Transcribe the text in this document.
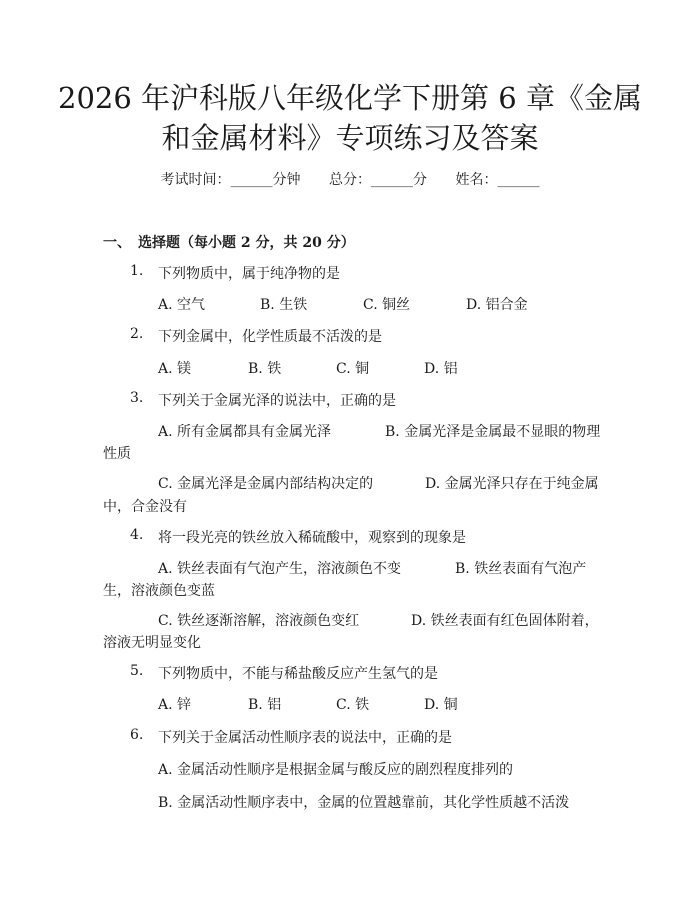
2026 年沪科版八年级化学下册第 6 章《金属
和金属材料》专项练习及答案
考试时间：______分钟 总分：______分 姓名：______
一、 选择题（每小题 2 分，共 20 分）
1. 下列物质中，属于纯净物的是
A. 空气	B. 生铁	C. 铜丝	D. 铝合金
2. 下列金属中，化学性质最不活泼的是
A. 镁	B. 铁	C. 铜	D. 铝
3. 下列关于金属光泽的说法中，正确的是
A. 所有金属都具有金属光泽	B. 金属光泽是金属最不显眼的物理
性质
C. 金属光泽是金属内部结构决定的	D. 金属光泽只存在于纯金属
中，合金没有
4. 将一段光亮的铁丝放入稀硫酸中，观察到的现象是
A. 铁丝表面有气泡产生，溶液颜色不变	B. 铁丝表面有气泡产
生，溶液颜色变蓝
C. 铁丝逐渐溶解，溶液颜色变红	D. 铁丝表面有红色固体附着，
溶液无明显变化
5. 下列物质中，不能与稀盐酸反应产生氢气的是
A. 锌	B. 铝	C. 铁	D. 铜
6. 下列关于金属活动性顺序表的说法中，正确的是
A. 金属活动性顺序是根据金属与酸反应的剧烈程度排列的
B. 金属活动性顺序表中，金属的位置越靠前，其化学性质越不活泼
